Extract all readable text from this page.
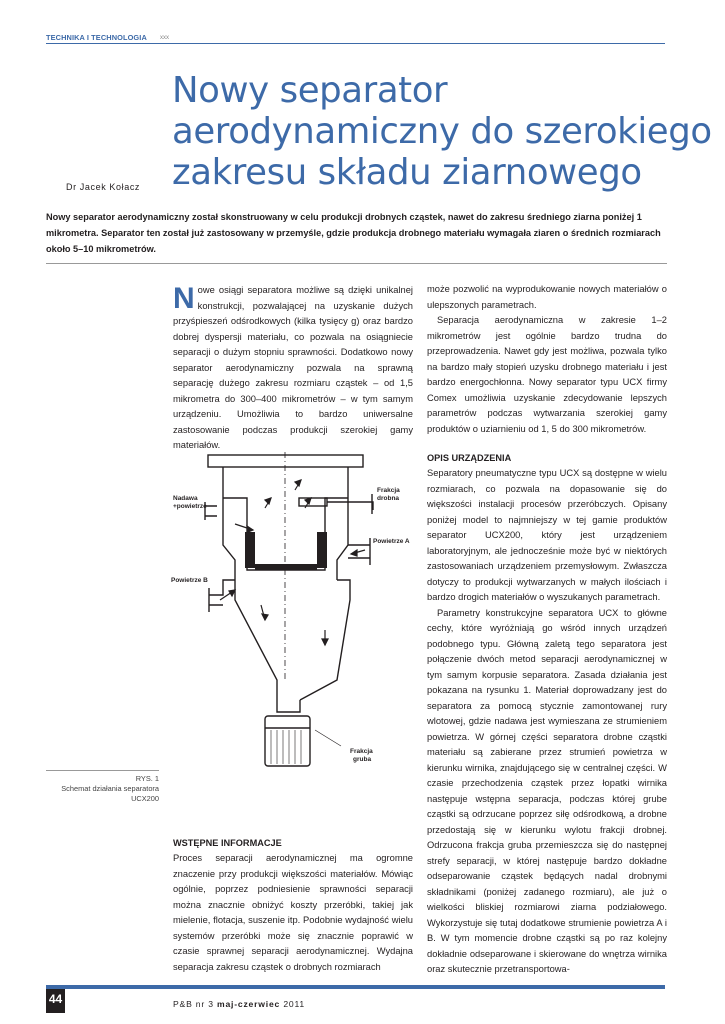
TECHNIKA I TECHNOLOGIA xxx
Nowy separator
aerodynamiczny do szerokiego
zakresu składu ziarnowego
Dr Jacek Kołacz
Nowy separator aerodynamiczny został skonstruowany w celu produkcji drobnych cząstek, nawet do zakresu średniego ziarna poniżej 1 mikrometra. Separator ten został już zastosowany w przemyśle, gdzie produkcja drobnego materiału wymagała ziaren o średnich rozmiarach około 5–10 mikrometrów.

Nowe osiągi separatora możliwe są dzięki unikalnej konstrukcji, pozwalającej na uzyskanie dużych przyśpieszeń odśrodkowych (kilka tysięcy g) oraz bardzo dobrej dyspersji materiału, co pozwala na osiągniecie separacji o dużym stopniu sprawności. Dodatkowo nowy separator aerodynamiczny pozwala na sprawną separację dużego zakresu rozmiaru cząstek – od 1,5 mikrometra do 300–400 mikrometrów – w tym samym urządzeniu. Umożliwia to bardzo uniwersalne zastosowanie podczas produkcji szerokiej gamy materiałów.

Nadawa
+powietrze
Frakcja
drobna
Powietrze A
Powietrze B
Frakcja
gruba
RYS. 1
Schemat działania separatora UCX200

WSTĘPNE INFORMACJE

Proces separacji aerodynamicznej ma ogromne znaczenie przy produkcji większości materiałów. Mówiąc ogólnie, poprzez podniesienie sprawności separacji można znacznie obniżyć koszty przeróbki, takiej jak mielenie, flotacja, suszenie itp. Podobnie wydajność wielu systemów przeróbki może się znacznie poprawić w czasie sprawnej separacji aerodynamicznej. Wydajna separacja zakresu cząstek o drobnych rozmiarach

może pozwolić na wyprodukowanie nowych materiałów o ulepszonych parametrach.

Separacja aerodynamiczna w zakresie 1–2 mikrometrów jest ogólnie bardzo trudna do przeprowadzenia. Nawet gdy jest możliwa, pozwala tylko na bardzo mały stopień uzysku drobnego materiału i jest bardzo energochłonna. Nowy separator typu UCX firmy Comex umożliwia uzyskanie zdecydowanie lepszych parametrów podczas wytwarzania szerokiej gamy produktów o uziarnieniu od 1, 5 do 300 mikrometrów.

OPIS URZĄDZENIA

Separatory pneumatyczne typu UCX są dostępne w wielu rozmiarach, co pozwala na dopasowanie się do większości instalacji procesów przeróbczych. Opisany poniżej model to najmniejszy w tej gamie produktów separator UCX200, który jest urządzeniem laboratoryjnym, ale jednocześnie może być w niektórych zastosowaniach urządzeniem przemysłowym. Zwłaszcza dotyczy to produkcji wytwarzanych w małych ilościach i bardzo drogich materiałów o wyszukanych parametrach.

Parametry konstrukcyjne separatora UCX to główne cechy, które wyróżniają go wśród innych urządzeń podobnego typu. Główną zaletą tego separatora jest połączenie dwóch metod separacji aerodynamicznej w tym samym korpusie separatora. Zasada działania jest pokazana na rysunku 1. Materiał doprowadzany jest do separatora za pomocą stycznie zamontowanej rury wlotowej, gdzie nadawa jest wymieszana ze strumieniem powietrza. W górnej części separatora drobne cząstki materiału są zabierane przez strumień powietrza w kierunku wirnika, znajdującego się w centralnej części. W czasie przechodzenia cząstek przez łopatki wirnika następuje wstępna separacja, podczas której grube cząstki są odrzucane poprzez siłę odśrodkową, a drobne przedostają się w kierunku wylotu frakcji drobnej. Odrzucona frakcja gruba przemieszcza się do następnej strefy separacji, w której następuje bardzo dokładne odseparowanie cząstek będących nadal drobnymi składnikami (poniżej zadanego rozmiaru), ale już o wielkości bliskiej rozmiarowi ziarna podziałowego. Wykorzystuje się tutaj dodatkowe strumienie powietrza A i B. W tym momencie drobne cząstki są po raz kolejny dokładnie odseparowane i skierowane do wnętrza wirnika oraz skutecznie przetransportowa-

44	P&B nr 3 maj-czerwiec 2011
